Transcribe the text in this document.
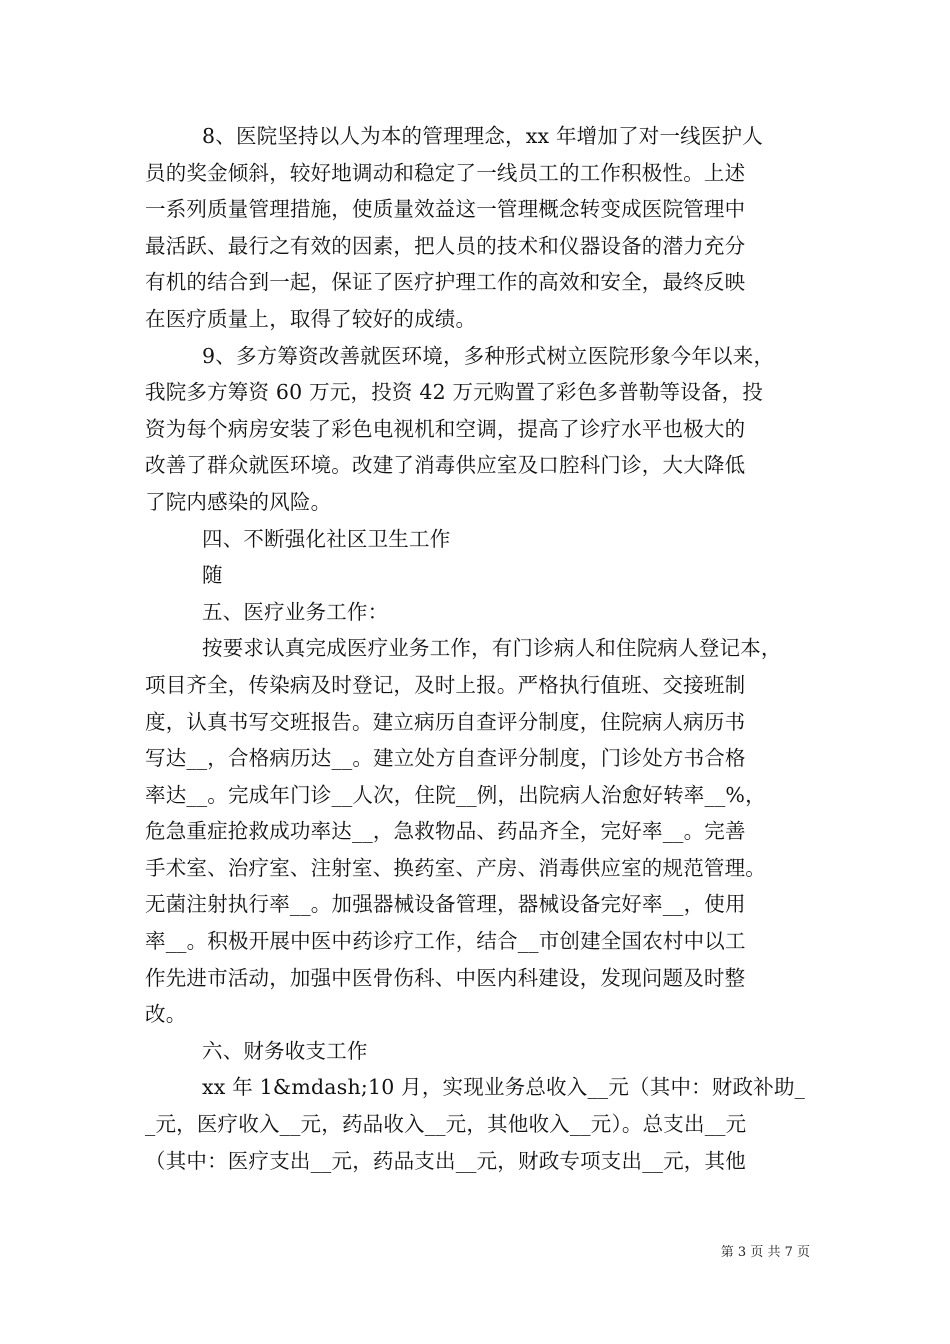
8、医院坚持以人为本的管理理念，xx 年增加了对一线医护人
员的奖金倾斜，较好地调动和稳定了一线员工的工作积极性。上述
一系列质量管理措施，使质量效益这一管理概念转变成医院管理中
最活跃、最行之有效的因素，把人员的技术和仪器设备的潜力充分
有机的结合到一起，保证了医疗护理工作的高效和安全，最终反映
在医疗质量上，取得了较好的成绩。
9、多方筹资改善就医环境，多种形式树立医院形象今年以来，
我院多方筹资 60 万元，投资 42 万元购置了彩色多普勒等设备，投
资为每个病房安装了彩色电视机和空调，提高了诊疗水平也极大的
改善了群众就医环境。改建了消毒供应室及口腔科门诊，大大降低
了院内感染的风险。
四、不断强化社区卫生工作
随
五、医疗业务工作：
按要求认真完成医疗业务工作，有门诊病人和住院病人登记本，
项目齐全，传染病及时登记，及时上报。严格执行值班、交接班制
度，认真书写交班报告。建立病历自查评分制度，住院病人病历书
写达__，合格病历达__。建立处方自查评分制度，门诊处方书合格
率达__。完成年门诊__人次，住院__例，出院病人治愈好转率__%，
危急重症抢救成功率达__，急救物品、药品齐全，完好率__。完善
手术室、治疗室、注射室、换药室、产房、消毒供应室的规范管理。
无菌注射执行率__。加强器械设备管理，器械设备完好率__，使用
率__。积极开展中医中药诊疗工作，结合__市创建全国农村中以工
作先进市活动，加强中医骨伤科、中医内科建设，发现问题及时整
改。
六、财务收支工作
xx 年 1&mdash;10 月，实现业务总收入__元（其中：财政补助_
_元，医疗收入__元，药品收入__元，其他收入__元）。总支出__元
（其中：医疗支出__元，药品支出__元，财政专项支出__元，其他
第 3 页 共 7 页
